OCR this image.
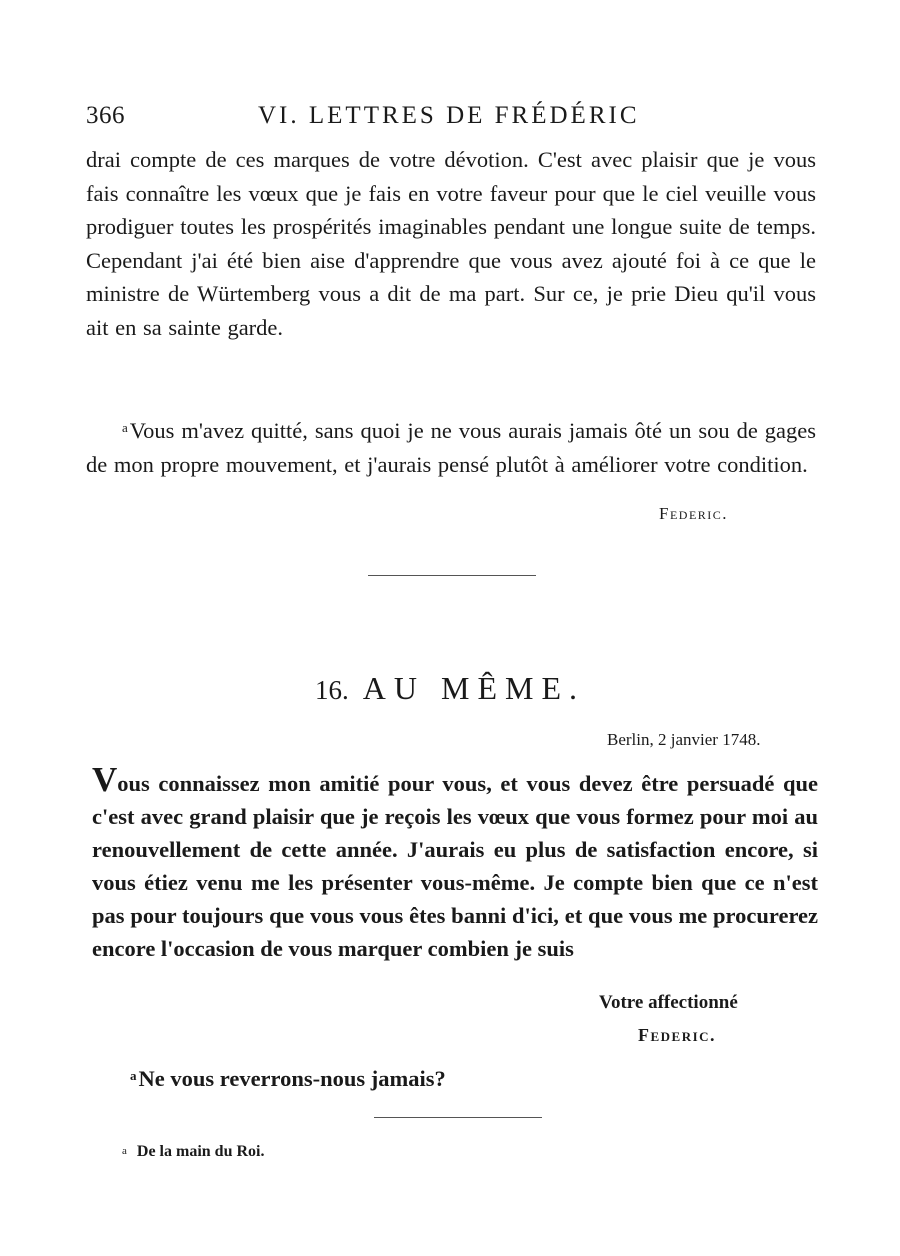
366	VI. LETTRES DE FRÉDÉRIC
drai compte de ces marques de votre dévotion. C'est avec plaisir que je vous fais connaître les vœux que je fais en votre faveur pour que le ciel veuille vous prodiguer toutes les prospérités imaginables pendant une longue suite de temps. Cependant j'ai été bien aise d'apprendre que vous avez ajouté foi à ce que le ministre de Würtemberg vous a dit de ma part. Sur ce, je prie Dieu qu'il vous ait en sa sainte garde.
$^a$Vous m'avez quitté, sans quoi je ne vous aurais jamais ôté un sou de gages de mon propre mouvement, et j'aurais pensé plutôt à améliorer votre condition.
Federic.
16. AU MÊME.
Berlin, 2 janvier 1748.
Vous connaissez mon amitié pour vous, et vous devez être persuadé que c'est avec grand plaisir que je reçois les vœux que vous formez pour moi au renouvellement de cette année. J'aurais eu plus de satisfaction encore, si vous étiez venu me les présenter vous-même. Je compte bien que ce n'est pas pour toujours que vous vous êtes banni d'ici, et que vous me procurerez encore l'occasion de vous marquer combien je suis
Votre affectionné
Federic.
$^a$Ne vous reverrons-nous jamais?
a De la main du Roi.
